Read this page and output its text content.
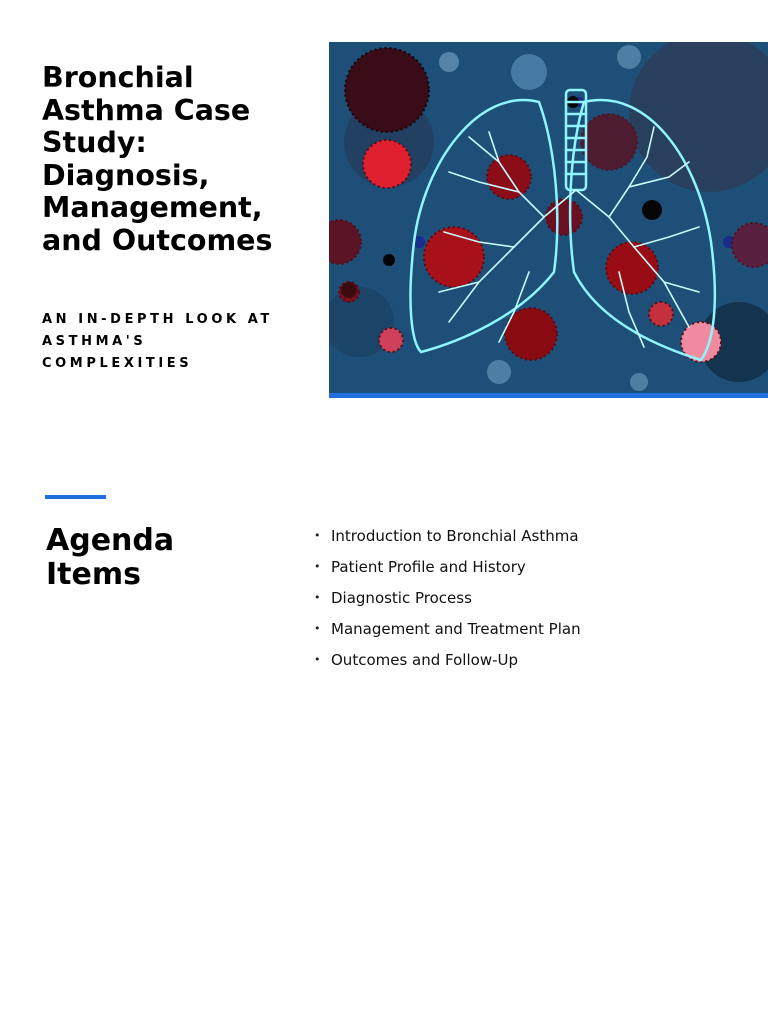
Bronchial
Asthma Case
Study:
Diagnosis,
Management,
and Outcomes

AN IN-DEPTH LOOK AT
ASTHMA'S
COMPLEXITIES

Agenda
Items
• Introduction to Bronchial Asthma
• Patient Profile and History
• Diagnostic Process
• Management and Treatment Plan
• Outcomes and Follow-Up
